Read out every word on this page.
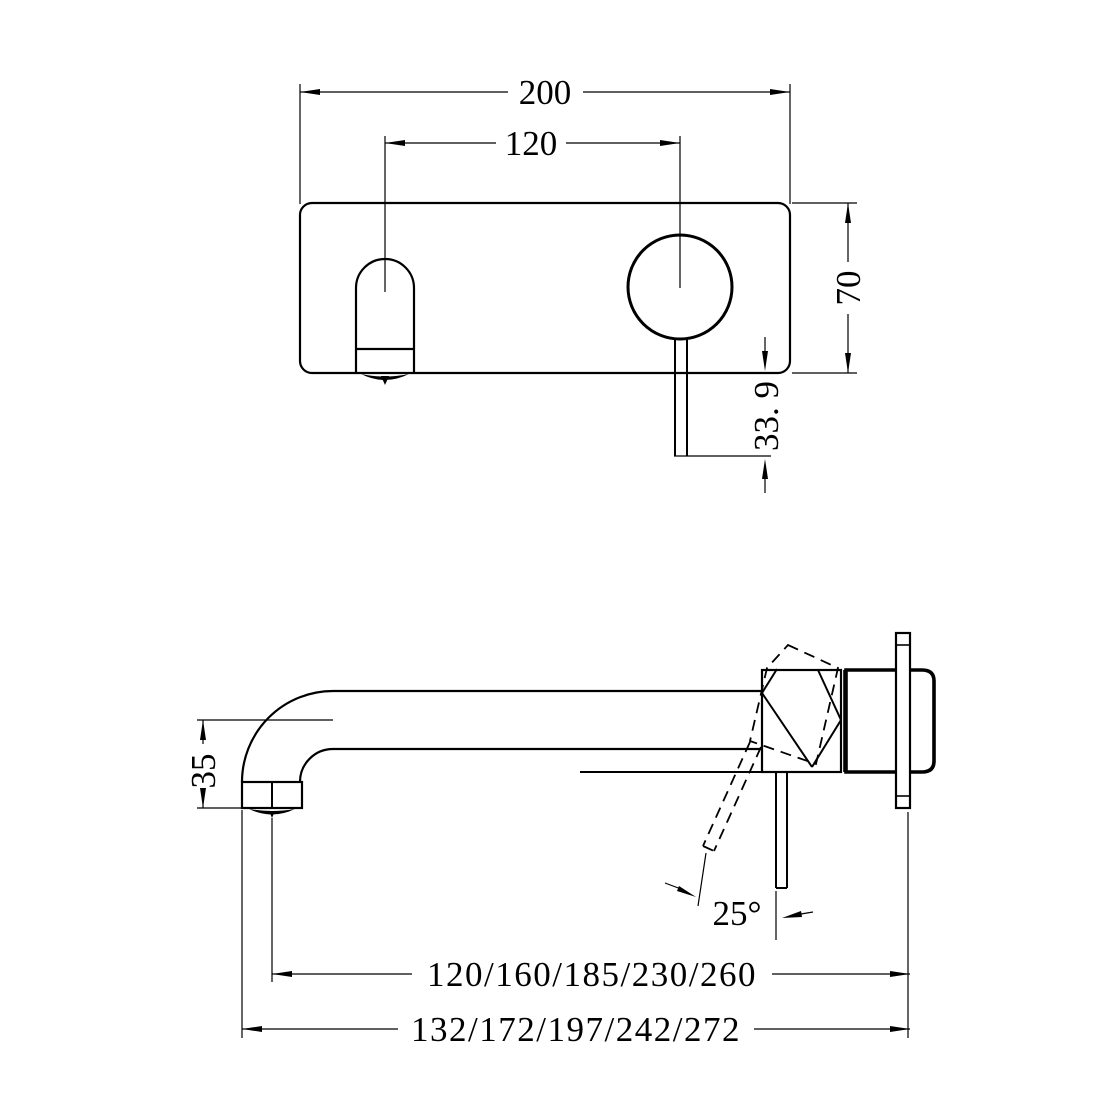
200
120
70
33. 9
35
25°
120/160/185/230/260
132/172/197/242/272
